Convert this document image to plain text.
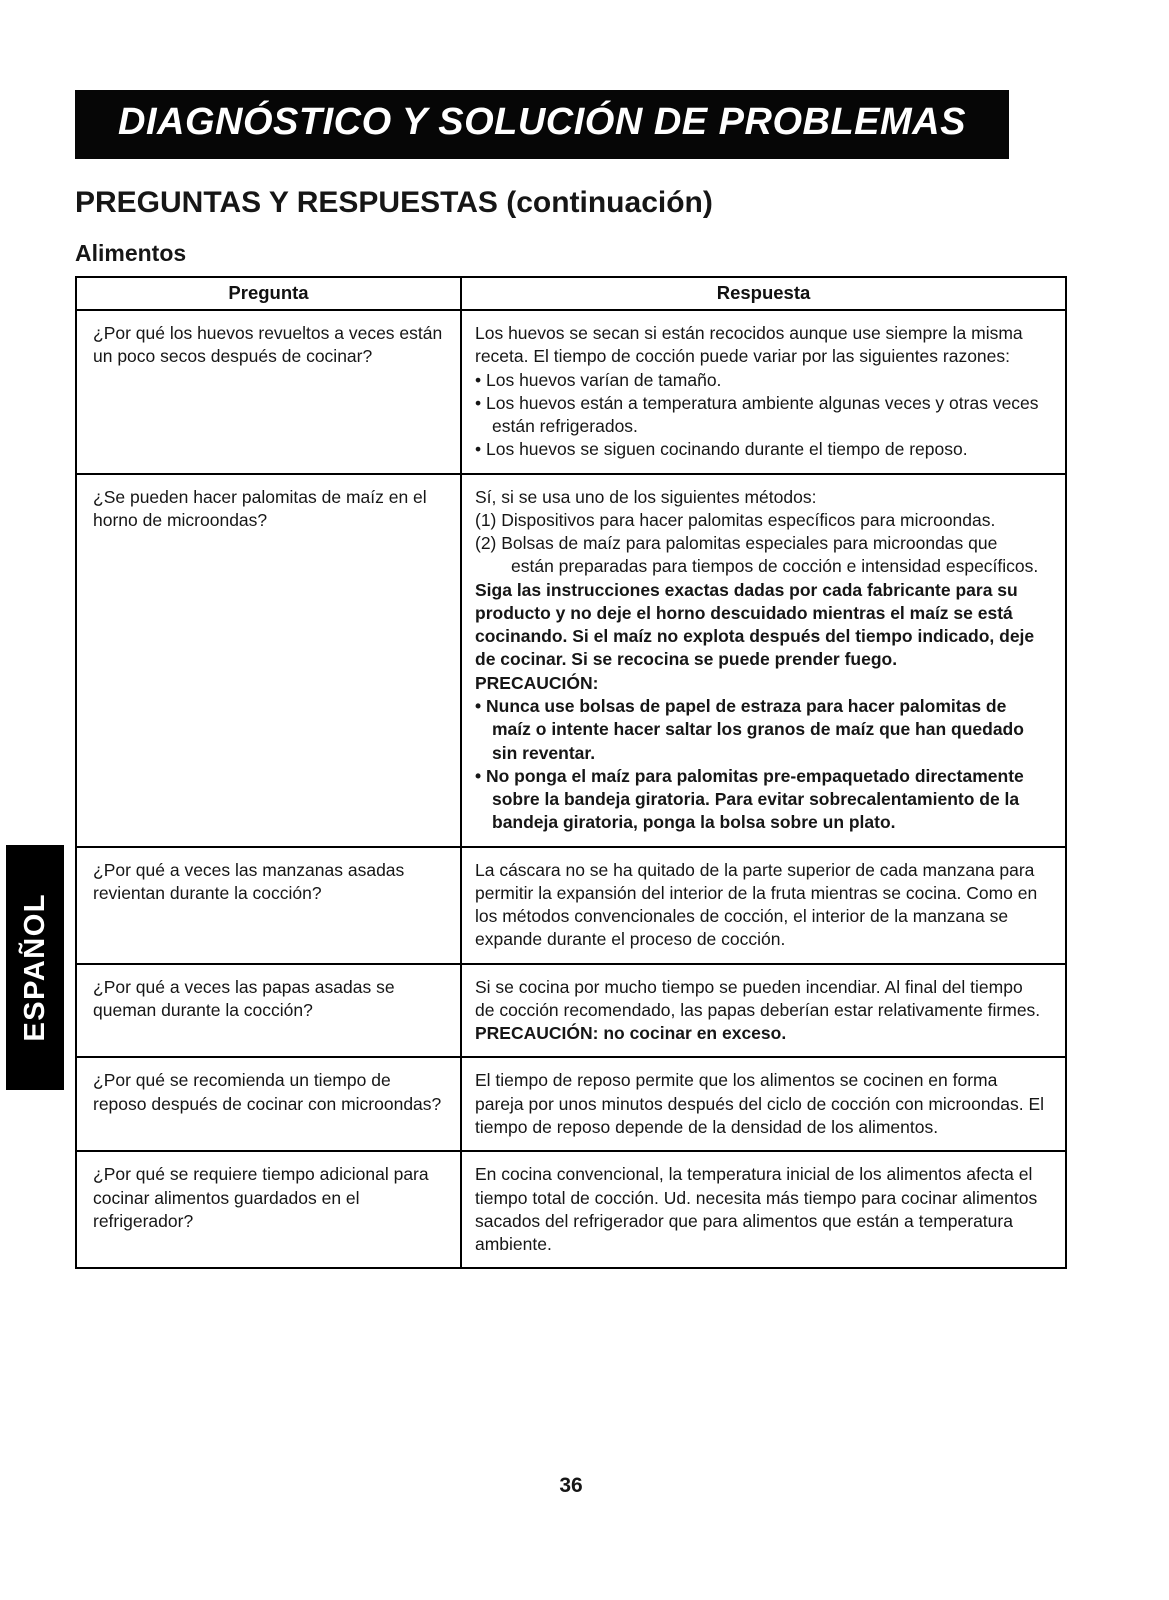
DIAGNÓSTICO Y SOLUCIÓN DE PROBLEMAS
PREGUNTAS Y RESPUESTAS (continuación)
Alimentos
Pregunta	Respuesta
¿Por qué los huevos revueltos a veces están un poco secos después de cocinar?	Los huevos se secan si están recocidos aunque use siempre la misma receta. El tiempo de cocción puede variar por las siguientes razones:
• Los huevos varían de tamaño.
• Los huevos están a temperatura ambiente algunas veces y otras veces están refrigerados.
• Los huevos se siguen cocinando durante el tiempo de reposo.

¿Se pueden hacer palomitas de maíz en el horno de microondas?	
Sí, si se usa uno de los siguientes métodos:
(1) Dispositivos para hacer palomitas específicos para microondas.
(2) Bolsas de maíz para palomitas especiales para microondas que están preparadas para tiempos de cocción e intensidad específicos.
Siga las instrucciones exactas dadas por cada fabricante para su producto y no deje el horno descuidado mientras el maíz se está cocinando. Si el maíz no explota después del tiempo indicado, deje de cocinar. Si se recocina se puede prender fuego.
PRECAUCIÓN:
• Nunca use bolsas de papel de estraza para hacer palomitas de maíz o intente hacer saltar los granos de maíz que han quedado sin reventar.
• No ponga el maíz para palomitas pre-empaquetado directamente sobre la bandeja giratoria. Para evitar sobrecalentamiento de la bandeja giratoria, ponga la bolsa sobre un plato.

¿Por qué a veces las manzanas asadas revientan durante la cocción?	La cáscara no se ha quitado de la parte superior de cada manzana para permitir la expansión del interior de la fruta mientras se cocina. Como en los métodos convencionales de cocción, el interior de la manzana se expande durante el proceso de cocción.

¿Por qué a veces las papas asadas se queman durante la cocción?	Si se cocina por mucho tiempo se pueden incendiar. Al final del tiempo de cocción recomendado, las papas deberían estar relativamente firmes.
PRECAUCIÓN: no cocinar en exceso.

¿Por qué se recomienda un tiempo de reposo después de cocinar con microondas?	El tiempo de reposo permite que los alimentos se cocinen en forma pareja por unos minutos después del ciclo de cocción con microondas. El tiempo de reposo depende de la densidad de los alimentos.

¿Por qué se requiere tiempo adicional para cocinar alimentos guardados en el refrigerador?	En cocina convencional, la temperatura inicial de los alimentos afecta el tiempo total de cocción. Ud. necesita más tiempo para cocinar alimentos sacados del refrigerador que para alimentos que están a temperatura ambiente.
ESPAÑOL
36
